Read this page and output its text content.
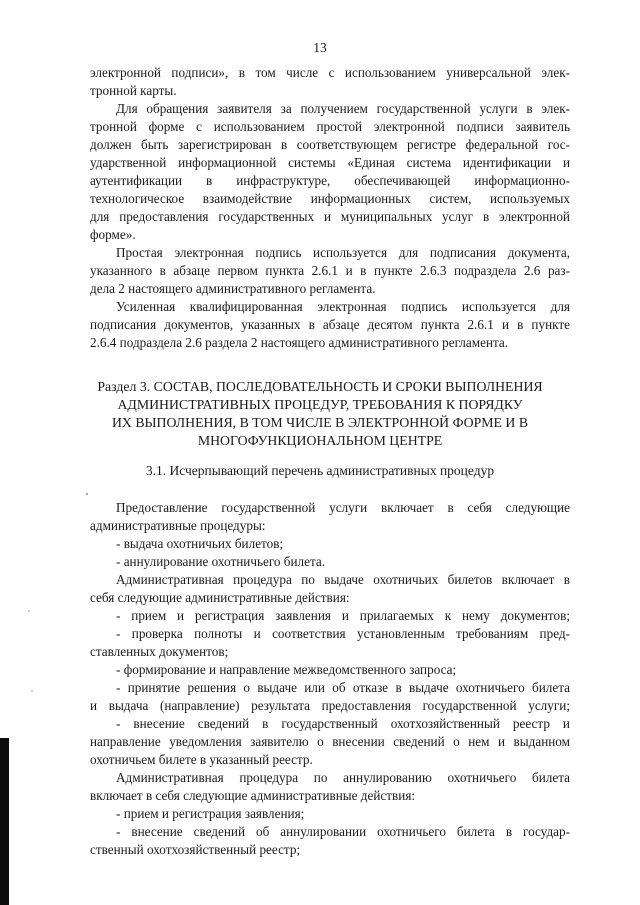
13
электронной подписи», в том числе с использованием универсальной элек-
тронной карты.
Для обращения заявителя за получением государственной услуги в элек-
тронной форме с использованием простой электронной подписи заявитель
должен быть зарегистрирован в соответствующем регистре федеральной гос-
ударственной информационной системы «Единая система идентификации и
аутентификации в инфраструктуре, обеспечивающей информационно-
технологическое взаимодействие информационных систем, используемых
для предоставления государственных и муниципальных услуг в электронной
форме».
Простая электронная подпись используется для подписания документа,
указанного в абзаце первом пункта 2.6.1 и в пункте 2.6.3 подраздела 2.6 раз-
дела 2 настоящего административного регламента.
Усиленная квалифицированная электронная подпись используется для
подписания документов, указанных в абзаце десятом пункта 2.6.1 и в пункте
2.6.4 подраздела 2.6 раздела 2 настоящего административного регламента.
Раздел 3. СОСТАВ, ПОСЛЕДОВАТЕЛЬНОСТЬ И СРОКИ ВЫПОЛНЕНИЯ
АДМИНИСТРАТИВНЫХ ПРОЦЕДУР, ТРЕБОВАНИЯ К ПОРЯДКУ
ИХ ВЫПОЛНЕНИЯ, В ТОМ ЧИСЛЕ В ЭЛЕКТРОННОЙ ФОРМЕ И В
МНОГОФУНКЦИОНАЛЬНОМ ЦЕНТРЕ
3.1. Исчерпывающий перечень административных процедур
Предоставление государственной услуги включает в себя следующие
административные процедуры:
- выдача охотничьих билетов;
- аннулирование охотничьего билета.
Административная процедура по выдаче охотничьих билетов включает в
себя следующие административные действия:
- прием и регистрация заявления и прилагаемых к нему документов;
- проверка полноты и соответствия установленным требованиям пред-
ставленных документов;
- формирование и направление межведомственного запроса;
- принятие решения о выдаче или об отказе в выдаче охотничьего билета
и выдача (направление) результата предоставления государственной услуги;
- внесение сведений в государственный охотхозяйственный реестр и
направление уведомления заявителю о внесении сведений о нем и выданном
охотничьем билете в указанный реестр.
Административная процедура по аннулированию охотничьего билета
включает в себя следующие административные действия:
- прием и регистрация заявления;
- внесение сведений об аннулировании охотничьего билета в государ-
ственный охотхозяйственный реестр;
